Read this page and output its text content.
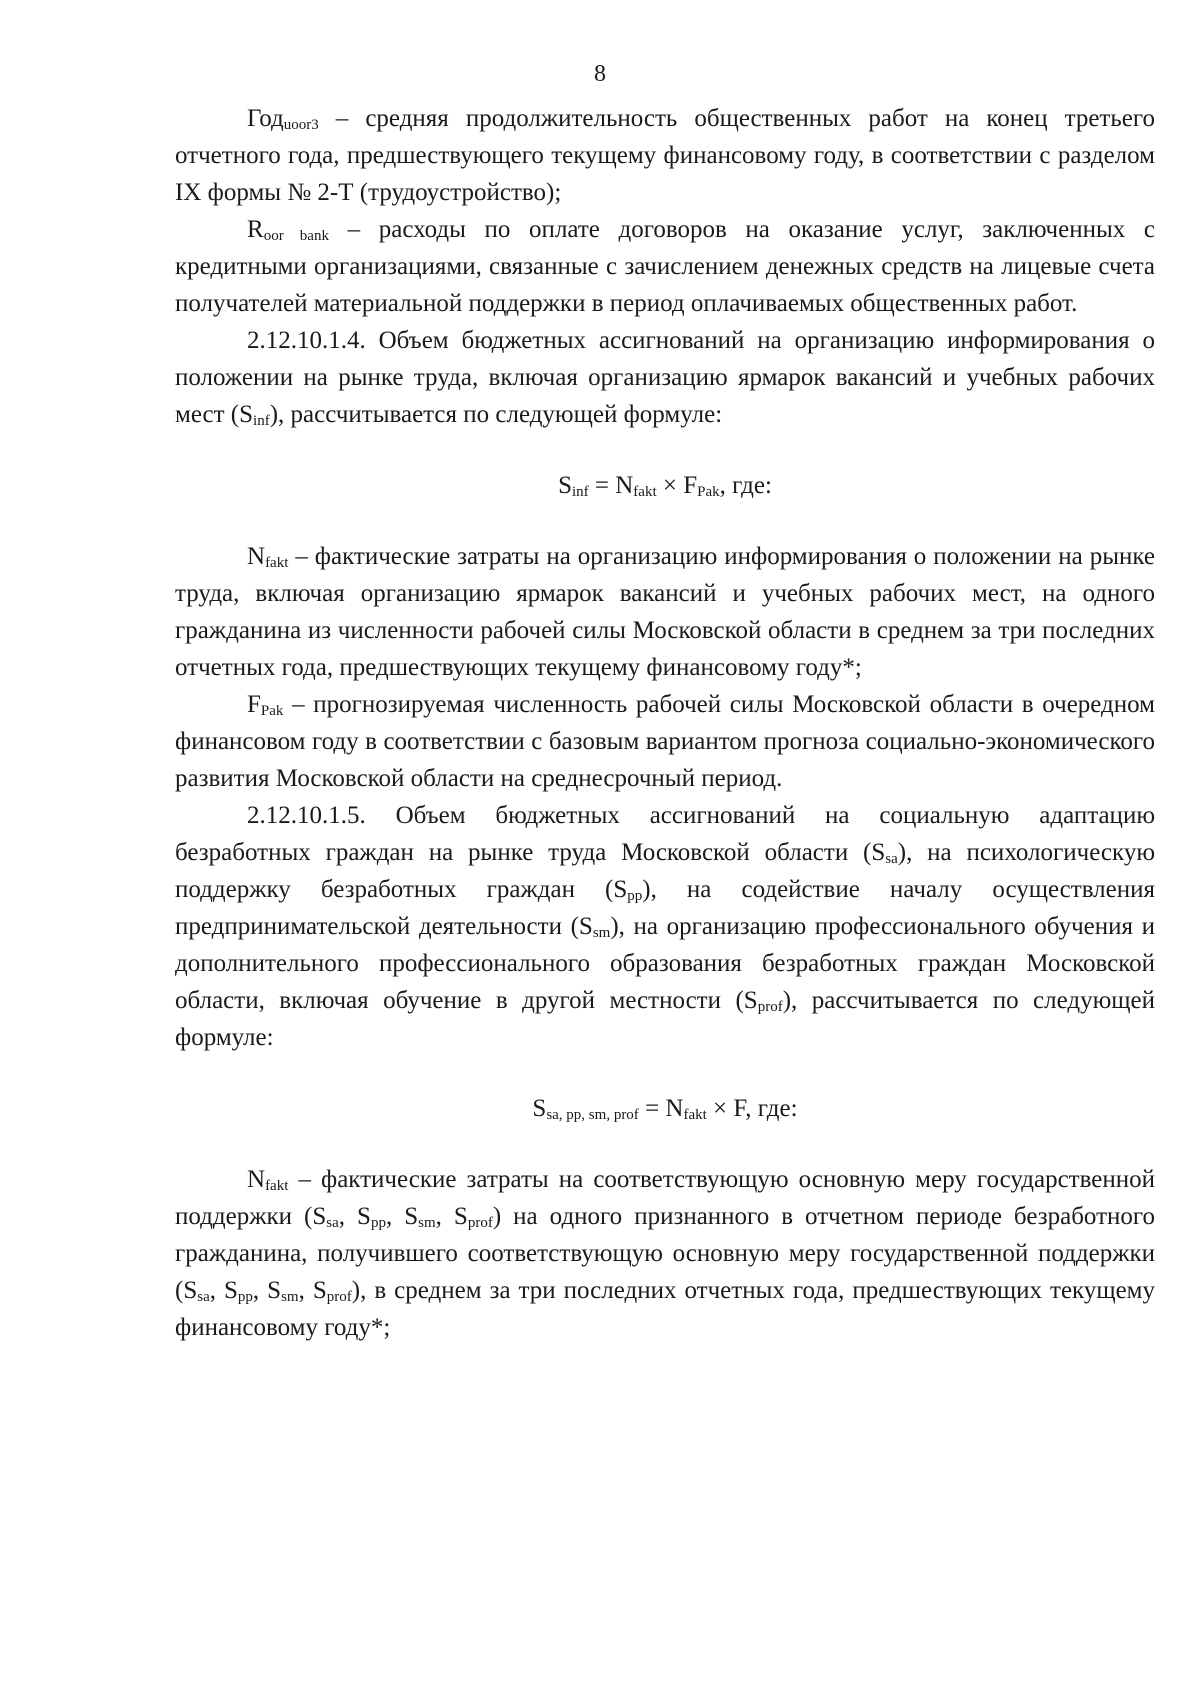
8

Год$_{uoor3}$ – средняя продолжительность общественных работ на конец третьего отчетного года, предшествующего текущему финансовому году, в соответствии с разделом IX формы № 2-Т (трудоустройство);

$R_{oor bank}$ – расходы по оплате договоров на оказание услуг, заключенных с кредитными организациями, связанные с зачислением денежных средств на лицевые счета получателей материальной поддержки в период оплачиваемых общественных работ.

2.12.10.1.4. Объем бюджетных ассигнований на организацию информирования о положении на рынке труда, включая организацию ярмарок вакансий и учебных рабочих мест $(S_{inf})$, рассчитывается по следующей формуле:

$S_{inf} = N_{fakt} \times F_{Pak}$, где:

$N_{fakt}$ – фактические затраты на организацию информирования о положении на рынке труда, включая организацию ярмарок вакансий и учебных рабочих мест, на одного гражданина из численности рабочей силы Московской области в среднем за три последних отчетных года, предшествующих текущему финансовому году*;

$F_{Pak}$ – прогнозируемая численность рабочей силы Московской области в очередном финансовом году в соответствии с базовым вариантом прогноза социально-экономического развития Московской области на среднесрочный период.

2.12.10.1.5. Объем бюджетных ассигнований на социальную адаптацию безработных граждан на рынке труда Московской области $(S_{sa})$, на психологическую поддержку безработных граждан $(S_{pp})$, на содействие началу осуществления предпринимательской деятельности $(S_{sm})$, на организацию профессионального обучения и дополнительного профессионального образования безработных граждан Московской области, включая обучение в другой местности $(S_{prof})$, рассчитывается по следующей формуле:

$S_{sa, pp, sm, prof} = N_{fakt} \times F$, где:

$N_{fakt}$ – фактические затраты на соответствующую основную меру государственной поддержки ($S_{sa}$, $S_{pp}$, $S_{sm}$, $S_{prof}$) на одного признанного в отчетном периоде безработного гражданина, получившего соответствующую основную меру государственной поддержки ($S_{sa}$, $S_{pp}$, $S_{sm}$, $S_{prof}$), в среднем за три последних отчетных года, предшествующих текущему финансовому году*;
